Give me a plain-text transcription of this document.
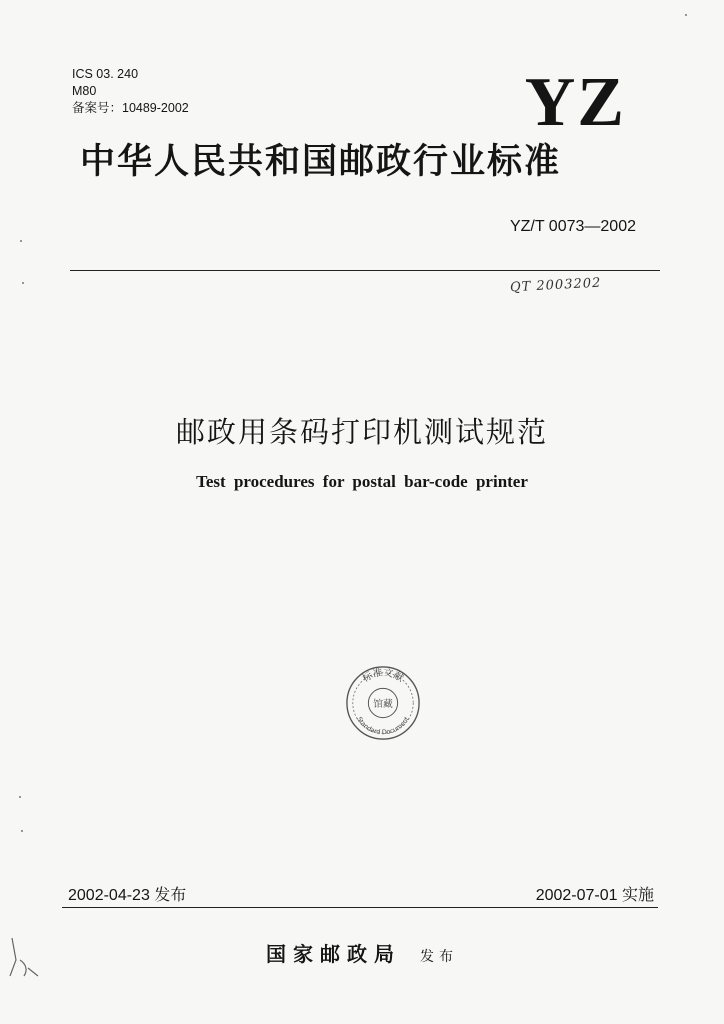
ICS 03. 240
M80
备案号：10489-2002	YZ
中华人民共和国邮政行业标准
YZ/T 0073—2002
QT 2003202
邮政用条码打印机测试规范
Test procedures for postal bar-code printer
标准文献
Standard Document
馆藏
2002-04-23 发布	2002-07-01 实施
国家邮政局 发布
